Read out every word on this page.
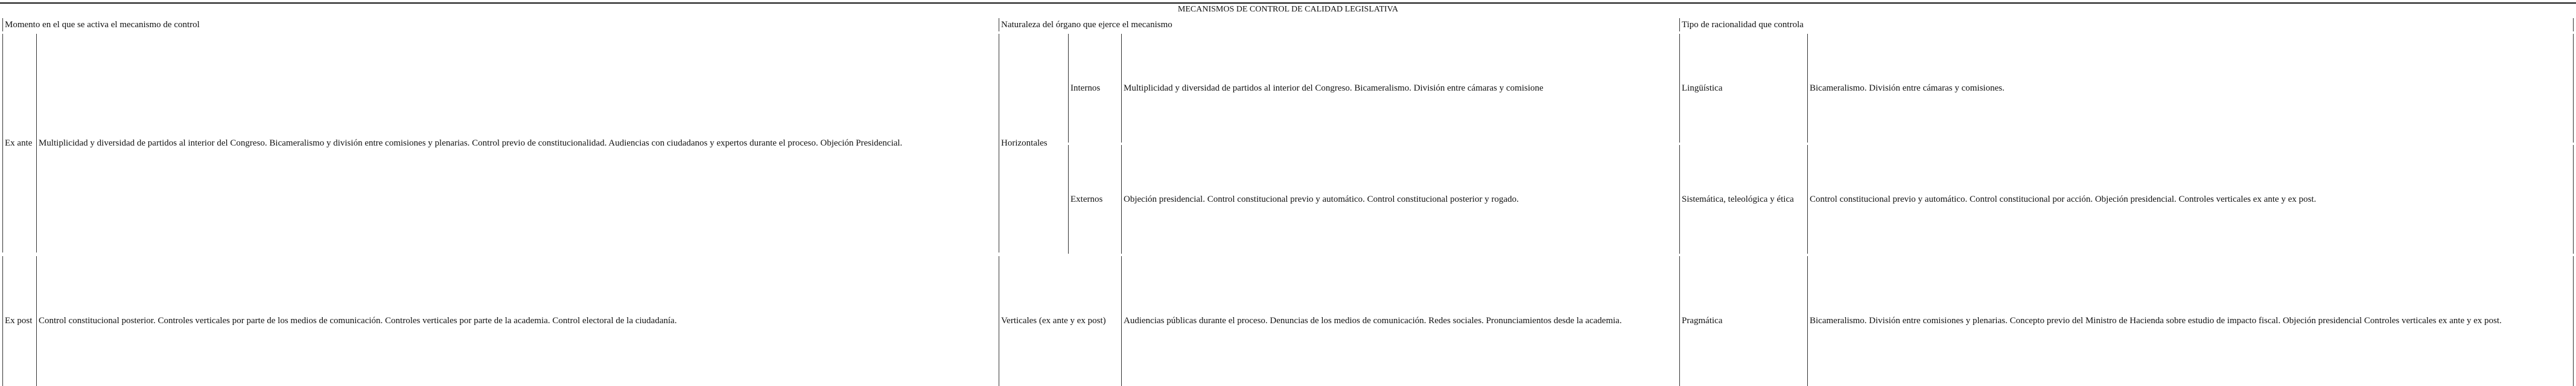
MECANISMOS DE CONTROL DE CALIDAD LEGISLATIVA
Momento en el que se activa el mecanismo de control	Naturaleza del órgano que ejerce el mecanismo	Tipo de racionalidad que controla
Ex ante Multiplicidad y diversidad de partidos al interior del Congreso. Bicameralismo y división entre comisiones y plenarias. Control previo de constitucionalidad. Audiencias con ciudadanos y expertos durante el proceso. Objeción Presidencial.	Horizontales
Internos	Multiplicidad y diversidad de partidos al interior del Congreso. Bicameralismo. División entre cámaras y comisione	Lingüística	Bicameralismo. División entre cámaras y comisiones.
Externos	Objeción presidencial. Control constitucional previo y automático. Control constitucional posterior y rogado.	Sistemática, teleológica y ética	Control constitucional previo y automático. Control constitucional por acción. Objeción presidencial. Controles verticales ex ante y ex post.
Ex post Control constitucional posterior. Controles verticales por parte de los medios de comunicación. Controles verticales por parte de la academia. Control electoral de la ciudadanía.	Verticales (ex ante y ex post)	Audiencias públicas durante el proceso. Denuncias de los medios de comunicación. Redes sociales. Pronunciamientos desde la academia.	Pragmática	Bicameralismo. División entre comisiones y plenarias. Concepto previo del Ministro de Hacienda sobre estudio de impacto fiscal. Objeción presidencial Controles verticales ex ante y ex post.
